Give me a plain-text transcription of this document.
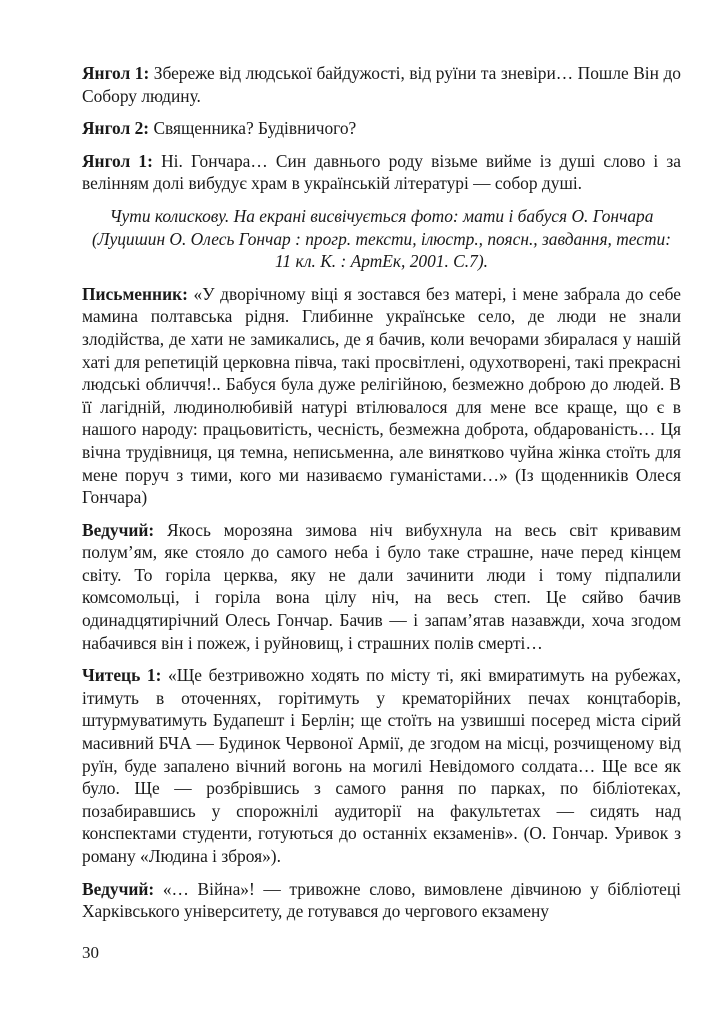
Янгол 1: Збереже від людської байдужості, від руїни та зневіри… Пошле Він до Собору людину.

Янгол 2: Священника? Будівничого?

Янгол 1: Ні. Гончара… Син давнього роду візьме вийме із душі слово і за велінням долі вибудує храм в українській літературі — собор душі.

Чути колискову. На екрані висвічується фото: мати і бабуся О. Гончара (Луцишин О. Олесь Гончар : прогр. тексти, ілюстр., поясн., завдання, тести: 11 кл. К. : АртЕк, 2001. С.7).

Письменник: «У дворічному віці я зостався без матері, і мене забрала до себе мамина полтавська рідня. Глибинне українське село, де люди не знали злодійства, де хати не замикались, де я бачив, коли вечорами збиралася у нашій хаті для репетицій церковна півча, такі просвітлені, одухотворені, такі прекрасні людські обличчя!.. Бабуся була дуже релігійною, безмежно доброю до людей. В її лагідній, людинолюбивій натурі втілювалося для мене все краще, що є в нашого народу: працьовитість, чесність, безмежна доброта, обдарованість… Ця вічна трудівниця, ця темна, неписьменна, але винятково чуйна жінка стоїть для мене поруч з тими, кого ми називаємо гуманістами…» (Із щоденників Олеся Гончара)

Ведучий: Якось морозяна зимова ніч вибухнула на весь світ кривавим полум’ям, яке стояло до самого неба і було таке страшне, наче перед кінцем світу. То горіла церква, яку не дали зачинити люди і тому підпалили комсомольці, і горіла вона цілу ніч, на весь степ. Це сяйво бачив одинадцятирічний Олесь Гончар. Бачив — і запам’ятав назавжди, хоча згодом набачився він і пожеж, і руйновищ, і страшних полів смерті…

Читець 1: «Ще безтривожно ходять по місту ті, які вмиратимуть на рубежах, ітимуть в оточеннях, горітимуть у крематорійних печах концтаборів, штурмуватимуть Будапешт і Берлін; ще стоїть на узвишші посеред міста сірий масивний БЧА — Будинок Червоної Армії, де згодом на місці, розчищеному від руїн, буде запалено вічний вогонь на могилі Невідомого солдата… Ще все як було. Ще — розбрівшись з самого рання по парках, по бібліотеках, позабиравшись у спорожнілі аудиторії на факультетах — сидять над конспектами студенти, готуються до останніх екзаменів». (О. Гончар. Уривок з роману «Людина і зброя»).

Ведучий: «… Війна»! — тривожне слово, вимовлене дівчиною у бібліотеці Харківського університету, де готувався до чергового екзамену

30
